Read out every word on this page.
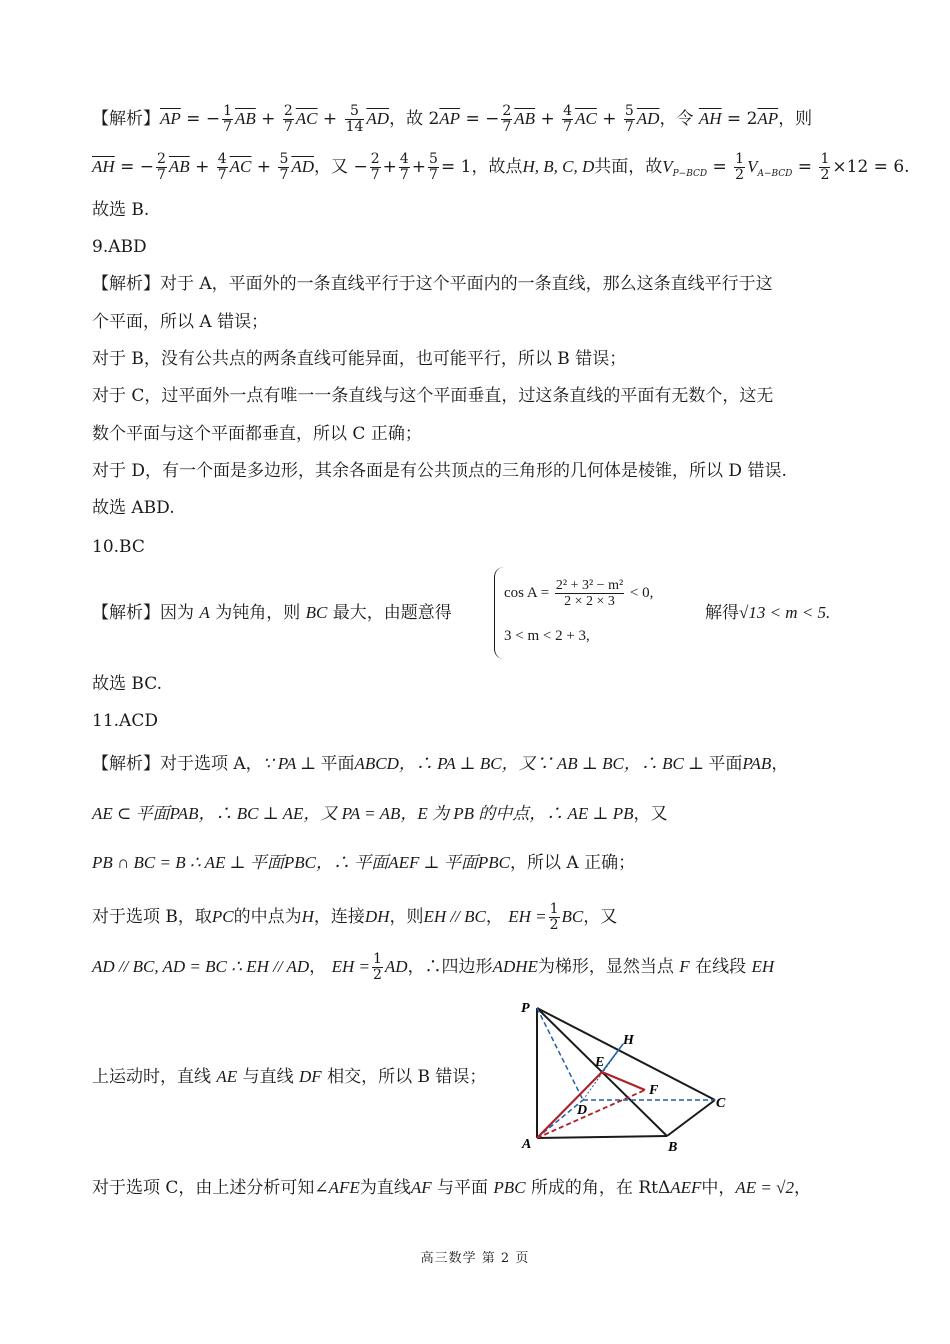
【解析】$\overline{AP}$ = − $\frac{1}{7} \overline{AB} + \frac{2}{7} \overline{AC} + \frac{5}{14} \overline{AD}$，故 $2\overline{AP}$ = − $\frac{2}{7} \overline{AB} + \frac{4}{7} \overline{AC} + \frac{5}{7} \overline{AD}$，令 $\overline{AH} = 2\overline{AP}$，则
$\overline{AH}$ = − $\frac{2}{7} \overline{AB} + \frac{4}{7} \overline{AC} + \frac{5}{7} \overline{AD}$，又 − $\frac{2}{7} + \frac{4}{7} + \frac{5}{7} = 1$，故点H, B, C, D共面，故$V_{P-BCD} = \frac{1}{2} V_{A-BCD} = \frac{1}{2} \times 12 = 6$.
故选 B.
9.ABD
【解析】对于 A，平面外的一条直线平行于这个平面内的一条直线，那么这条直线平行于这
个平面，所以 A 错误；
对于 B，没有公共点的两条直线可能异面，也可能平行，所以 B 错误；
对于 C，过平面外一点有唯一一条直线与这个平面垂直，过这条直线的平面有无数个，这无
数个平面与这个平面都垂直，所以 C 正确；
对于 D，有一个面是多边形，其余各面是有公共顶点的三角形的几何体是棱锥，所以 D 错误.
故选 ABD.
10.BC
【解析】因为 A 为钝角，则 BC 最大，由题意得
$\cos A = \frac{\text{2² + 3² − m²}}{2 \times 2 \times 3} < 0$,
3 < m < 2 + 3,
解得√13 < m < 5.
故选 BC.
11.ACD
【解析】对于选项 A，∵ PA ⊥ 平面ABCD，∴ PA ⊥ BC，又∵ AB ⊥ BC，∴ BC ⊥ 平面PAB，
AE ⊂ 平面PAB，∴ BC ⊥ AE，又 PA = AB，E 为 PB 的中点，∴ AE ⊥ PB，又
PB ∩ BC = B ∴ AE ⊥ 平面PBC，∴ 平面AEF ⊥ 平面PBC，所以 A 正确；
对于选项 B，取PC的中点为H，连接DH，则EH // BC， EH = $\frac{1}{2}$ BC，又
AD // BC, AD = BC ∴ EH // AD， EH = $\frac{1}{2}$ AD，∴四边形ADHE为梯形，显然当点 F 在线段 EH
上运动时，直线 AE 与直线 DF 相交，所以 B 错误；
P
H
E
F
D	C
A	B
对于选项 C，由上述分析可知∠AFE为直线AF 与平面 PBC 所成的角，在 RtΔAEF中，AE = √2，
高三数学 第 2 页
